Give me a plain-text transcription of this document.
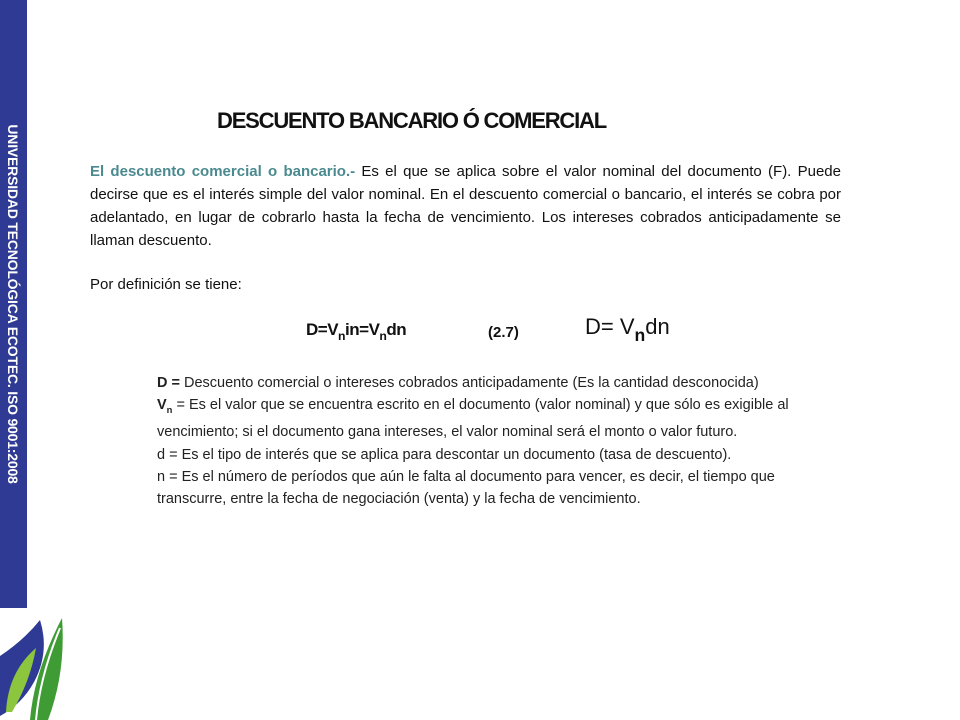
UNIVERSIDAD TECNOLÓGICA ECOTEC. ISO 9001:2008
DESCUENTO BANCARIO Ó COMERCIAL

El descuento comercial o bancario.- Es el que se aplica sobre el valor nominal del documento (F). Puede decirse que es el interés simple del valor nominal. En el descuento comercial o bancario, el interés se cobra por adelantado, en lugar de cobrarlo hasta la fecha de vencimiento. Los intereses cobrados anticipadamente se llaman descuento.

Por definición se tiene:

$D=V_nin=V_ndn$	(2.7)	$D= V_ndn$

D = Descuento comercial o intereses cobrados anticipadamente (Es la cantidad desconocida)
$V_n = Es$ el valor que se encuentra escrito en el documento (valor nominal) y que sólo es exigible al vencimiento; si el documento gana intereses, el valor nominal será el monto o valor futuro.
d = Es el tipo de interés que se aplica para descontar un documento (tasa de descuento).
n = Es el número de períodos que aún le falta al documento para vencer, es decir, el tiempo que transcurre, entre la fecha de negociación (venta) y la fecha de vencimiento.
